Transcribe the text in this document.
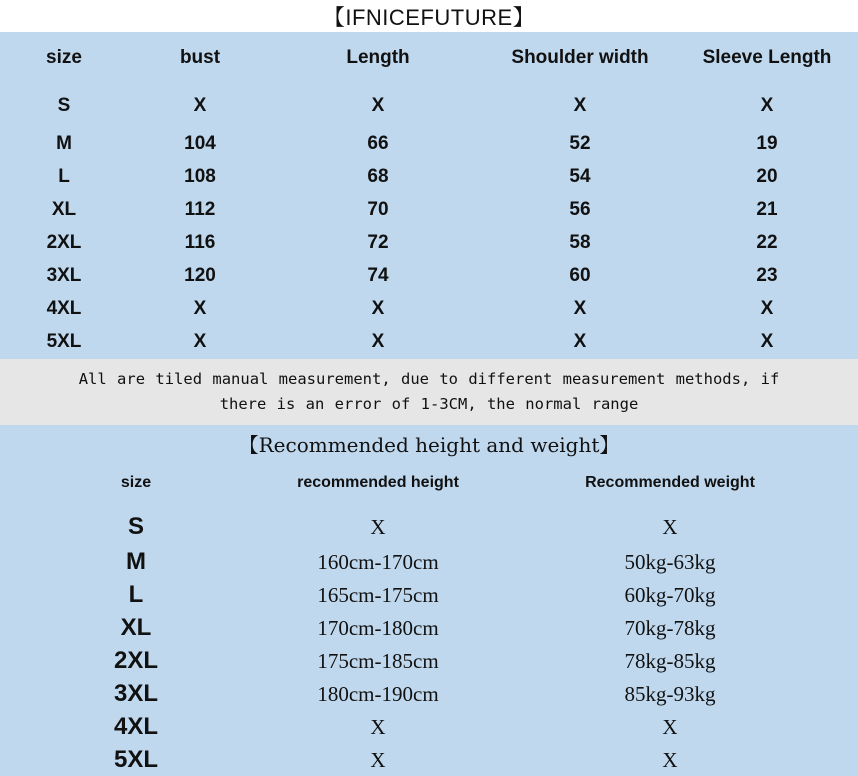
【IFNICEFUTURE】
size	bust	Length	Shoulder width	Sleeve Length
S	X	X	X	X
M	104	66	52	19
L	108	68	54	20
XL	112	70	56	21
2XL	116	72	58	22
3XL	120	74	60	23
4XL	X	X	X	X
5XL	X	X	X	X
All are tiled manual measurement, due to different measurement methods, if
there is an error of 1-3CM, the normal range
【Recommended height and weight】
size	recommended height	Recommended weight
S	X	X
M	160cm-170cm	50kg-63kg
L	165cm-175cm	60kg-70kg
XL	170cm-180cm	70kg-78kg
2XL	175cm-185cm	78kg-85kg
3XL	180cm-190cm	85kg-93kg
4XL	X	X
5XL	X	X
